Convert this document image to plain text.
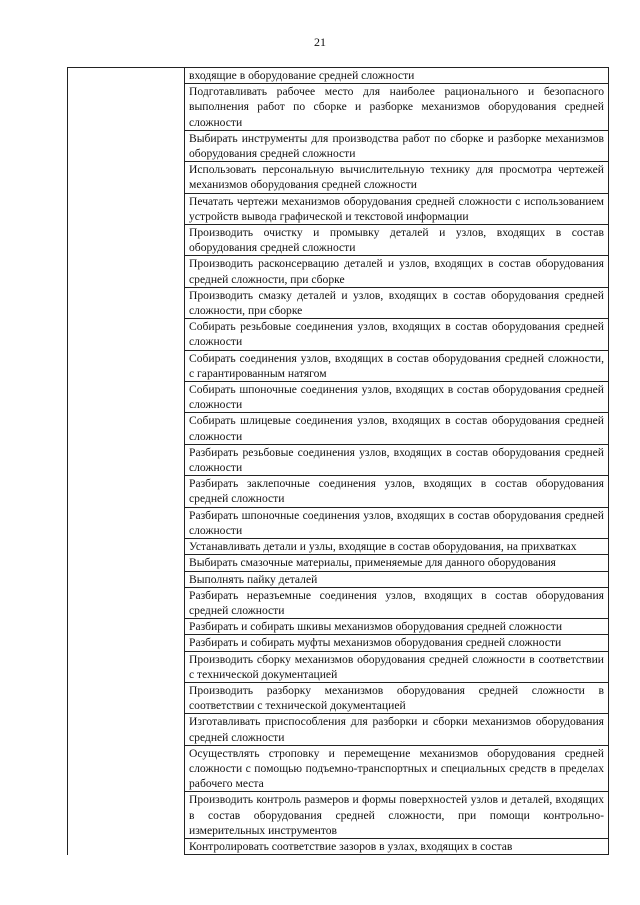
21
	входящие в оборудование средней сложности
	Подготавливать рабочее место для наиболее рационального и безопасного выполнения работ по сборке и разборке механизмов оборудования средней сложности
	Выбирать инструменты для производства работ по сборке и разборке механизмов оборудования средней сложности
	Использовать персональную вычислительную технику для просмотра чертежей механизмов оборудования средней сложности
	Печатать чертежи механизмов оборудования средней сложности с использованием устройств вывода графической и текстовой информации
	Производить очистку и промывку деталей и узлов, входящих в состав оборудования средней сложности
	Производить расконсервацию деталей и узлов, входящих в состав оборудования средней сложности, при сборке
	Производить смазку деталей и узлов, входящих в состав оборудования средней сложности, при сборке
	Собирать резьбовые соединения узлов, входящих в состав оборудования средней сложности
	Собирать соединения узлов, входящих в состав оборудования средней сложности, с гарантированным натягом
	Собирать шпоночные соединения узлов, входящих в состав оборудования средней сложности
	Собирать шлицевые соединения узлов, входящих в состав оборудования средней сложности
	Разбирать резьбовые соединения узлов, входящих в состав оборудования средней сложности
	Разбирать заклепочные соединения узлов, входящих в состав оборудования средней сложности
	Разбирать шпоночные соединения узлов, входящих в состав оборудования средней сложности
	Устанавливать детали и узлы, входящие в состав оборудования, на прихватках
	Выбирать смазочные материалы, применяемые для данного оборудования
	Выполнять пайку деталей
	Разбирать неразъемные соединения узлов, входящих в состав оборудования средней сложности
	Разбирать и собирать шкивы механизмов оборудования средней сложности
	Разбирать и собирать муфты механизмов оборудования средней сложности
	Производить сборку механизмов оборудования средней сложности в соответствии с технической документацией
	Производить разборку механизмов оборудования средней сложности в соответствии с технической документацией
	Изготавливать приспособления для разборки и сборки механизмов оборудования средней сложности
	Осуществлять строповку и перемещение механизмов оборудования средней сложности с помощью подъемно-транспортных и специальных средств в пределах рабочего места
	Производить контроль размеров и формы поверхностей узлов и деталей, входящих в состав оборудования средней сложности, при помощи контрольно-измерительных инструментов
	Контролировать соответствие зазоров в узлах, входящих в состав
